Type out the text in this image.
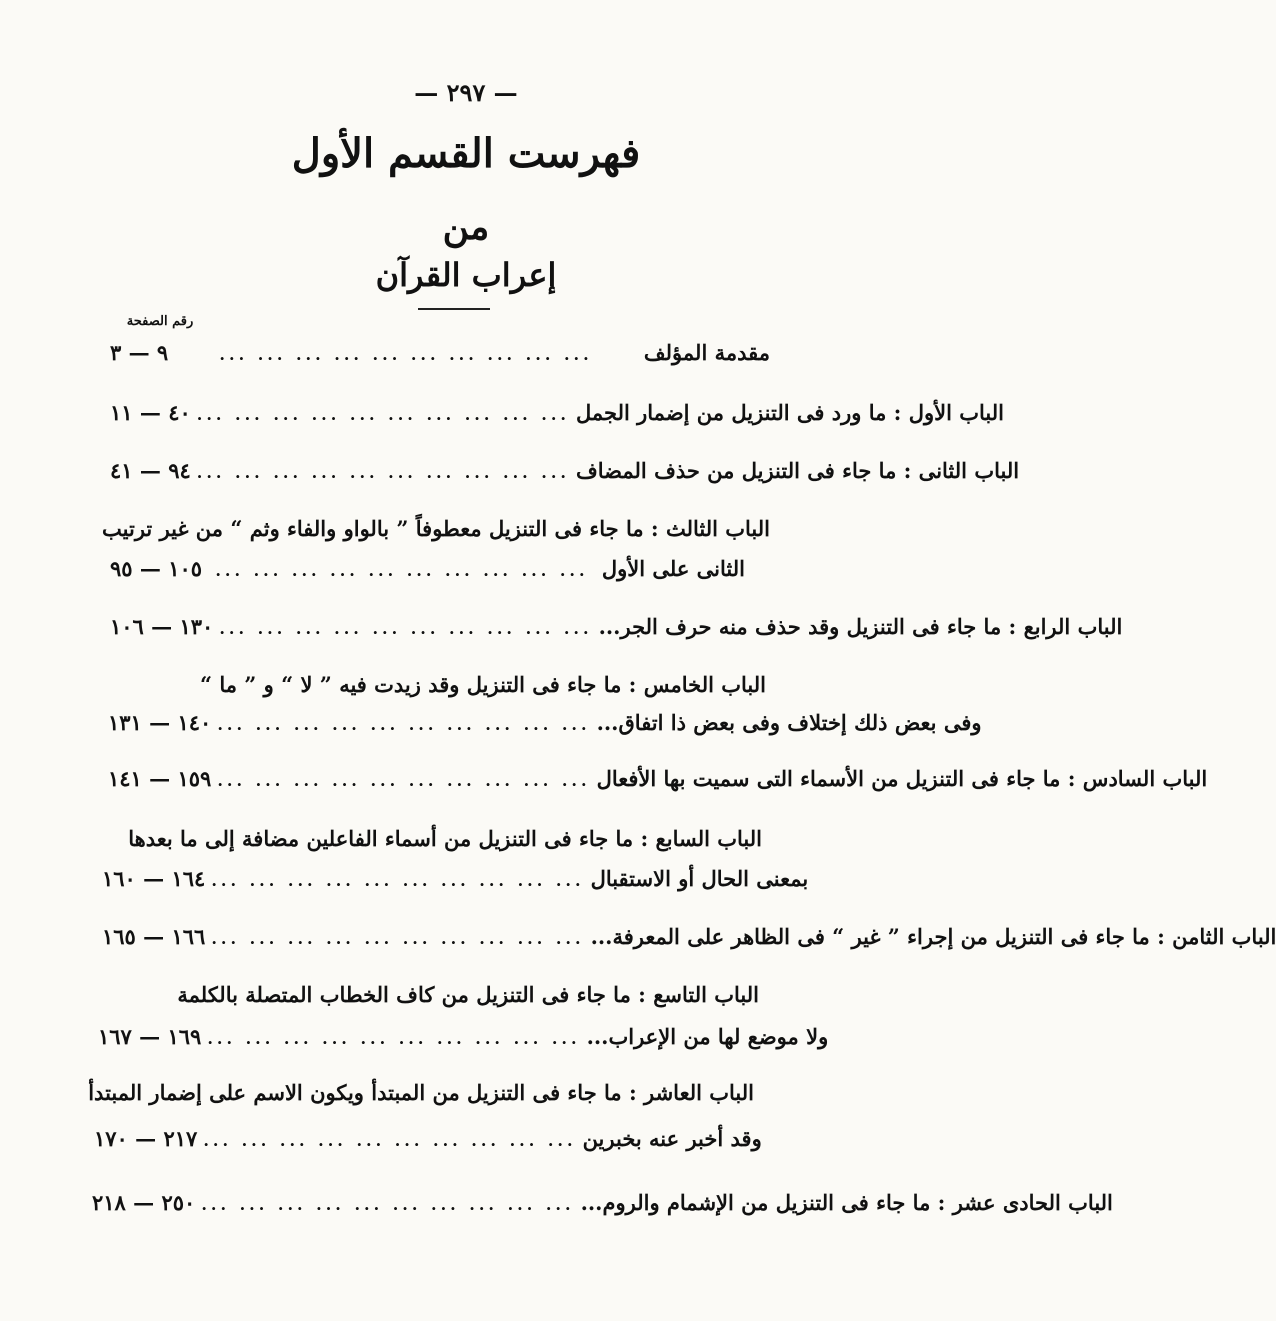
— ٢٩٧ —
فهرست القسم الأول
من
إعراب القرآن
رقم الصفحة
٩ — ٣	... ... ... ... ... ... ... ... ... ...	مقدمة المؤلف
٤٠ — ١١ ... ... ... ... ... ... ... ... ... ... الباب الأول : ما ورد فى التنزيل من إضمار الجمل
٩٤ — ٤١ ... ... ... ... ... ... ... ... ... ... الباب الثانى : ما جاء فى التنزيل من حذف المضاف
الباب الثالث : ما جاء فى التنزيل معطوفاً ” بالواو والفاء وثم “ من غير ترتيب
١٠٥ — ٩٥ ... ... ... ... ... ... ... ... ... ... الثانى على الأول
١٣٠ — ١٠٦ ... ... ... ... ... ... ... ... ... ... الباب الرابع : ما جاء فى التنزيل وقد حذف منه حرف الجر...
الباب الخامس : ما جاء فى التنزيل وقد زيدت فيه ” لا “ و ” ما “
١٤٠ — ١٣١ ... ... ... ... ... ... ... ... ... ... وفى بعض ذلك إختلاف وفى بعض ذا اتفاق...
١٥٩ — ١٤١ ... ... ... ... ... ... ... ... ... ... الباب السادس : ما جاء فى التنزيل من الأسماء التى سميت بها الأفعال
الباب السابع : ما جاء فى التنزيل من أسماء الفاعلين مضافة إلى ما بعدها
١٦٤ — ١٦٠ ... ... ... ... ... ... ... ... ... ... بمعنى الحال أو الاستقبال
١٦٦ — ١٦٥ ... ... ... ... ... ... ... ... ... ... الباب الثامن : ما جاء فى التنزيل من إجراء ” غير “ فى الظاهر على المعرفة...
الباب التاسع : ما جاء فى التنزيل من كاف الخطاب المتصلة بالكلمة
١٦٩ — ١٦٧ ... ... ... ... ... ... ... ... ... ... ولا موضع لها من الإعراب...
الباب العاشر : ما جاء فى التنزيل من المبتدأ ويكون الاسم على إضمار المبتدأ
٢١٧ — ١٧٠ ... ... ... ... ... ... ... ... ... ... وقد أخبر عنه بخبرين
٢٥٠ — ٢١٨ ... ... ... ... ... ... ... ... ... ... الباب الحادى عشر : ما جاء فى التنزيل من الإشمام والروم...
